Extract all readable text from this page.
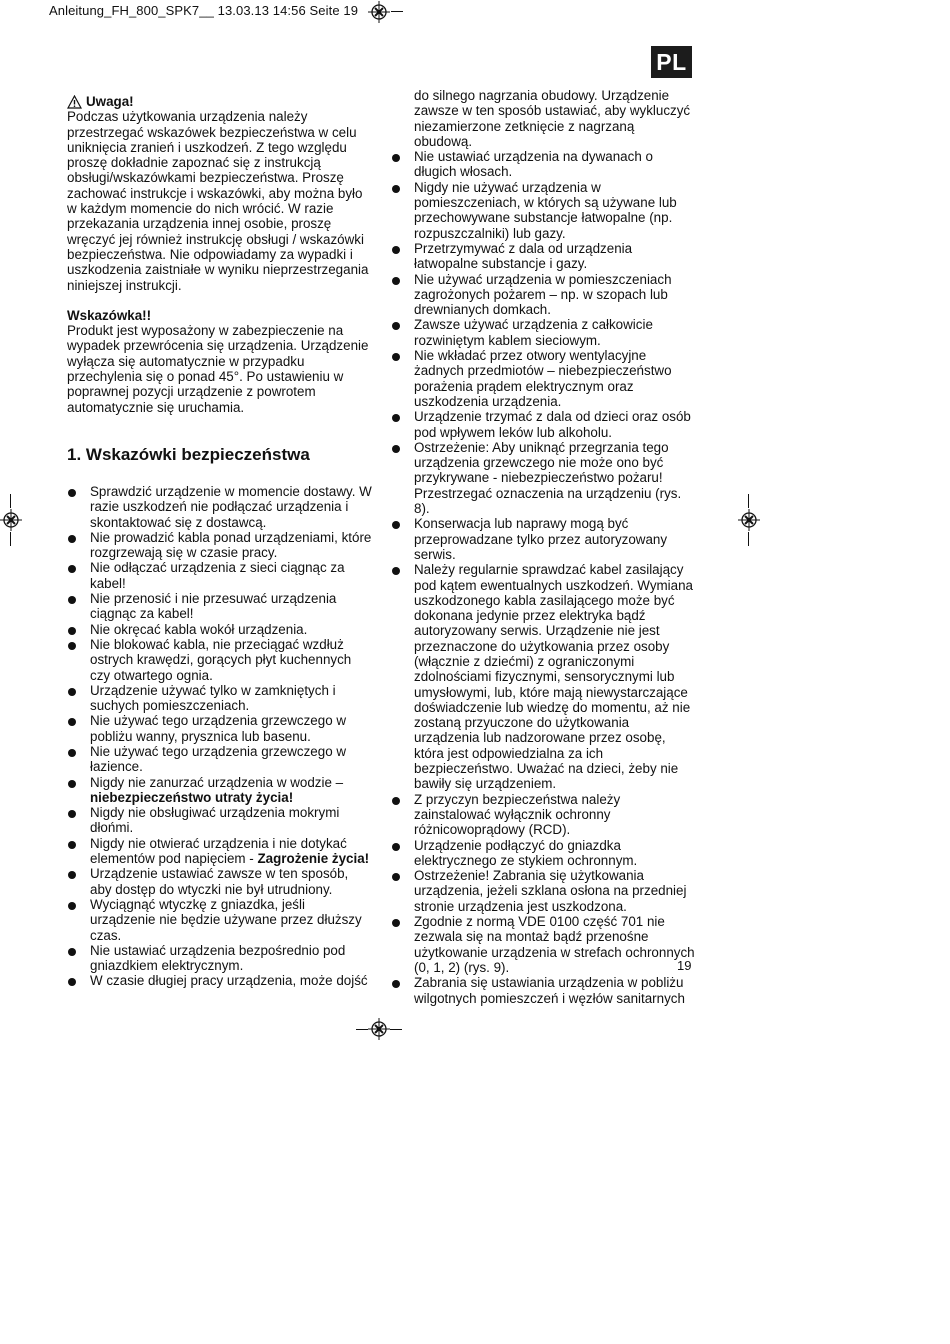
Anleitung_FH_800_SPK7__ 13.03.13 14:56 Seite 19
PL
Uwaga!

Podczas użytkowania urządzenia należy przestrzegać wskazówek bezpieczeństwa w celu uniknięcia zranień i uszkodzeń. Z tego względu proszę dokładnie zapoznać się z instrukcją obsługi/wskazówkami bezpieczeństwa. Proszę zachować instrukcje i wskazówki, aby można było w każdym momencie do nich wrócić. W razie przekazania urządzenia innej osobie, proszę wręczyć jej również instrukcję obsługi / wskazówki bezpieczeństwa. Nie odpowiadamy za wypadki i uszkodzenia zaistniałe w wyniku nieprzestrzegania niniejszej instrukcji.

Wskazówka!!

Produkt jest wyposażony w zabezpieczenie na wypadek przewrócenia się urządzenia. Urządzenie wyłącza się automatycznie w przypadku przechylenia się o ponad 45°. Po ustawieniu w poprawnej pozycji urządzenie z powrotem automatycznie się uruchamia.

1. Wskazówki bezpieczeństwa
Sprawdzić urządzenie w momencie dostawy. W razie uszkodzeń nie podłączać urządzenia i skontaktować się z dostawcą.
Nie prowadzić kabla ponad urządzeniami, które rozgrzewają się w czasie pracy.
Nie odłączać urządzenia z sieci ciągnąc za kabel!
Nie przenosić i nie przesuwać urządzenia ciągnąc za kabel!
Nie okręcać kabla wokół urządzenia.
Nie blokować kabla, nie przeciągać wzdłuż ostrych krawędzi, gorących płyt kuchennych czy otwartego ognia.
Urządzenie używać tylko w zamkniętych i suchych pomieszczeniach.
Nie używać tego urządzenia grzewczego w pobliżu wanny, prysznica lub basenu.
Nie używać tego urządzenia grzewczego w łazience.
Nigdy nie zanurzać urządzenia w wodzie –
niebezpieczeństwo utraty życia!
Nigdy nie obsługiwać urządzenia mokrymi dłońmi.
Nigdy nie otwierać urządzenia i nie dotykać elementów pod napięciem - Zagrożenie życia!
Urządzenie ustawiać zawsze w ten sposób, aby dostęp do wtyczki nie był utrudniony.
Wyciągnąć wtyczkę z gniazdka, jeśli urządzenie nie będzie używane przez dłuższy czas.
Nie ustawiać urządzenia bezpośrednio pod gniazdkiem elektrycznym.
W czasie długiej pracy urządzenia, może dojść

do silnego nagrzania obudowy. Urządzenie zawsze w ten sposób ustawiać, aby wykluczyć niezamierzone zetknięcie z nagrzaną obudową.

Nie ustawiać urządzenia na dywanach o długich włosach.
Nigdy nie używać urządzenia w pomieszczeniach, w których są używane lub przechowywane substancje łatwopalne (np. rozpuszczalniki) lub gazy.
Przetrzymywać z dala od urządzenia łatwopalne substancje i gazy.
Nie używać urządzenia w pomieszczeniach zagrożonych pożarem – np. w szopach lub drewnianych domkach.
Zawsze używać urządzenia z całkowicie rozwiniętym kablem sieciowym.
Nie wkładać przez otwory wentylacyjne żadnych przedmiotów – niebezpieczeństwo porażenia prądem elektrycznym oraz uszkodzenia urządzenia.
Urządzenie trzymać z dala od dzieci oraz osób pod wpływem leków lub alkoholu.
Ostrzeżenie: Aby uniknąć przegrzania tego urządzenia grzewczego nie może ono być przykrywane - niebezpieczeństwo pożaru! Przestrzegać oznaczenia na urządzeniu (rys. 8).
Konserwacja lub naprawy mogą być przeprowadzane tylko przez autoryzowany serwis.
Należy regularnie sprawdzać kabel zasilający pod kątem ewentualnych uszkodzeń. Wymiana uszkodzonego kabla zasilającego może być dokonana jedynie przez elektryka bądź autoryzowany serwis. Urządzenie nie jest przeznaczone do użytkowania przez osoby (włącznie z dziećmi) z ograniczonymi zdolnościami fizycznymi, sensorycznymi lub umysłowymi, lub, które mają niewystarczające doświadczenie lub wiedzę do momentu, aż nie zostaną przyuczone do użytkowania urządzenia lub nadzorowane przez osobę, która jest odpowiedzialna za ich bezpieczeństwo. Uważać na dzieci, żeby nie bawiły się urządzeniem.
Z przyczyn bezpieczeństwa należy zainstalować wyłącznik ochronny różnicowoprądowy (RCD).
Urządzenie podłączyć do gniazdka elektrycznego ze stykiem ochronnym.
Ostrzeżenie! Zabrania się użytkowania urządzenia, jeżeli szklana osłona na przedniej stronie urządzenia jest uszkodzona.
Zgodnie z normą VDE 0100 część 701 nie zezwala się na montaż bądź przenośne użytkowanie urządzenia w strefach ochronnych (0, 1, 2) (rys. 9).
Zabrania się ustawiania urządzenia w pobliżu wilgotnych pomieszczeń i węzłów sanitarnych
19
